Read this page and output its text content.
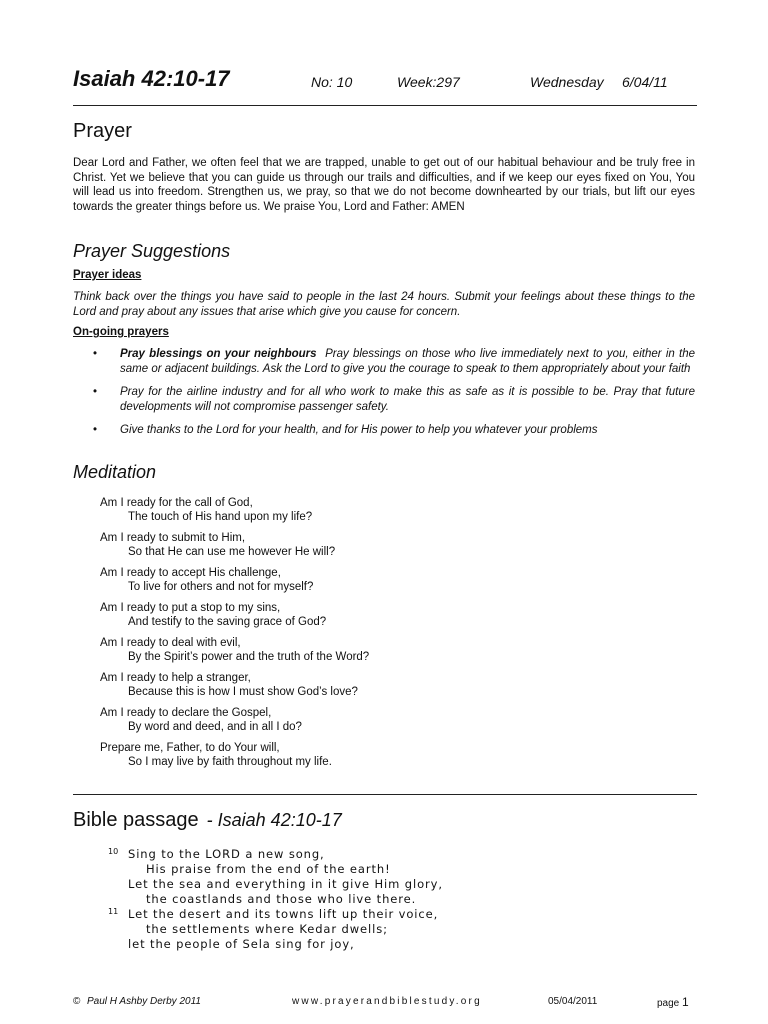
Isaiah 42:10-17	No: 10	Week:297	Wednesday 6/04/11
Prayer

Dear Lord and Father, we often feel that we are trapped, unable to get out of our habitual behaviour and be truly free in Christ. Yet we believe that you can guide us through our trails and difficulties, and if we keep our eyes fixed on You, You will lead us into freedom. Strengthen us, we pray, so that we do not become downhearted by our trials, but lift our eyes towards the greater things before us. We praise You, Lord and Father: AMEN

Prayer Suggestions
Prayer ideas

Think back over the things you have said to people in the last 24 hours. Submit your feelings about these things to the Lord and pray about any issues that arise which give you cause for concern.

On-going prayers
• Pray blessings on your neighbours Pray blessings on those who live immediately next to you, either in the same or adjacent buildings. Ask the Lord to give you the courage to speak to them appropriately about your faith
• Pray for the airline industry and for all who work to make this as safe as it is possible to be. Pray that future developments will not compromise passenger safety.
• Give thanks to the Lord for your health, and for His power to help you whatever your problems
Meditation
Am I ready for the call of God,
The touch of His hand upon my life?
Am I ready to submit to Him,
So that He can use me however He will?
Am I ready to accept His challenge,
To live for others and not for myself?
Am I ready to put a stop to my sins,
And testify to the saving grace of God?
Am I ready to deal with evil,
By the Spirit’s power and the truth of the Word?
Am I ready to help a stranger,
Because this is how I must show God’s love?
Am I ready to declare the Gospel,
By word and deed, and in all I do?
Prepare me, Father, to do Your will,
So I may live by faith throughout my life.
Bible passage - Isaiah 42:10-17
10 Sing to the LORD a new song,
His praise from the end of the earth!
Let the sea and everything in it give Him glory,
the coastlands and those who live there.
11 Let the desert and its towns lift up their voice,
the settlements where Kedar dwells;
let the people of Sela sing for joy,
© Paul H Ashby Derby 2011	www.prayerandbiblestudy.org	05/04/2011	page 1
